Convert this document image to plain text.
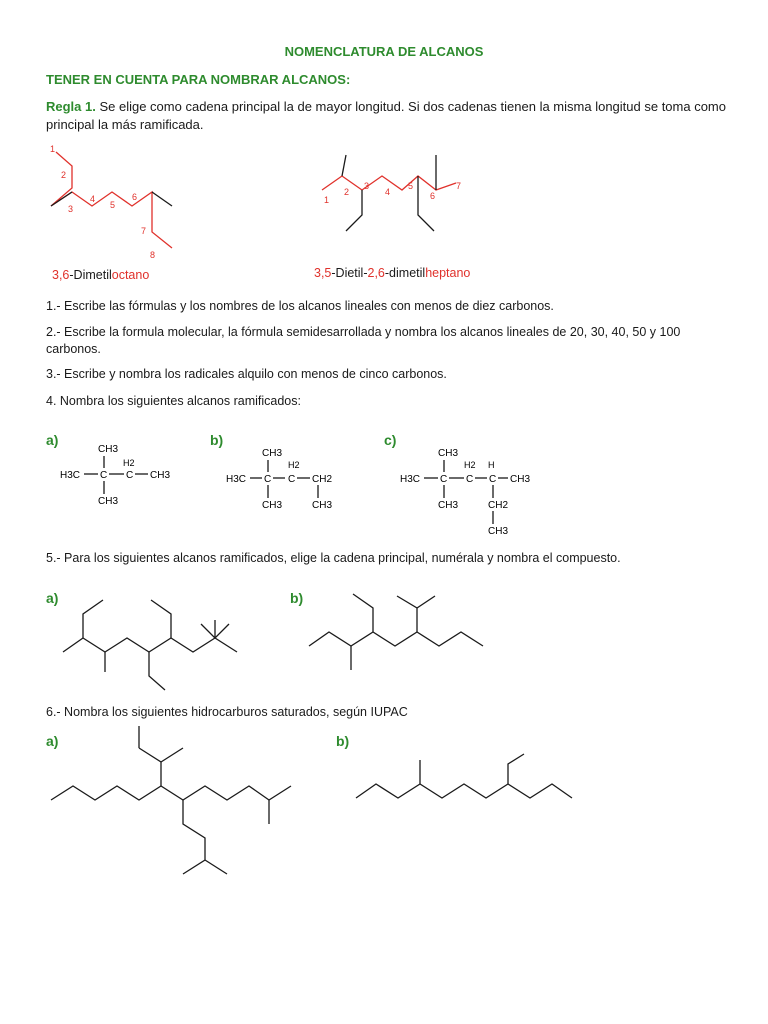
NOMENCLATURA DE ALCANOS
TENER EN CUENTA PARA NOMBRAR ALCANOS:
Regla 1. Se elige como cadena principal la de mayor longitud. Si dos cadenas tienen la misma longitud se toma como principal la más ramificada.
1
2
3
4
5
6
7
8
3,6-Dimetiloctano
1
2
3
4
5
6
7
3,5-Dietil-2,6-dimetilheptano
1.- Escribe las fórmulas y los nombres de los alcanos lineales con menos de diez carbonos.
2.- Escribe la formula molecular, la fórmula semidesarrollada y nombra los alcanos lineales de 20, 30, 40, 50 y 100 carbonos.
3.- Escribe y nombra los radicales alquilo con menos de cinco carbonos.
4. Nombra los siguientes alcanos ramificados:
a)	b)	c)
CH3
H2
H3C C C CH3
CH3
CH3
H2
H3C C C CH2
CH3	CH3
CH3
H2 H
H3C C C C CH3
CH3	CH2
CH3
5.- Para los siguientes alcanos ramificados, elige la cadena principal, numérala y nombra el compuesto.
a)	b)
6.- Nombra los siguientes hidrocarburos saturados, según IUPAC
a)	b)
